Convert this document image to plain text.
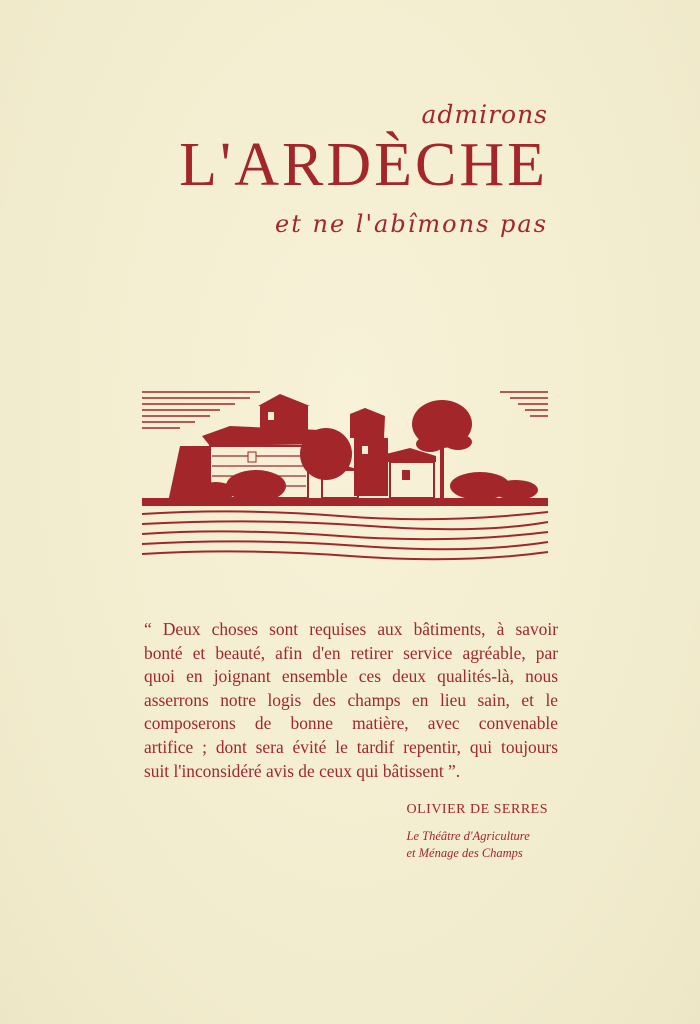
admirons

L'ARDÈCHE

et ne l'abîmons pas

“ Deux choses sont requises aux bâtiments, à savoir
bonté et beauté, afin d'en retirer service agréable, par
quoi en joignant ensemble ces deux qualités-là, nous
asserrons notre logis des champs en lieu sain, et le
composerons de bonne matière, avec convenable
artifice ; dont sera évité le tardif repentir, qui toujours
suit l'inconsidéré avis de ceux qui bâtissent ”.

OLIVIER DE SERRES

Le Théâtre d'Agriculture
et Ménage des Champs
